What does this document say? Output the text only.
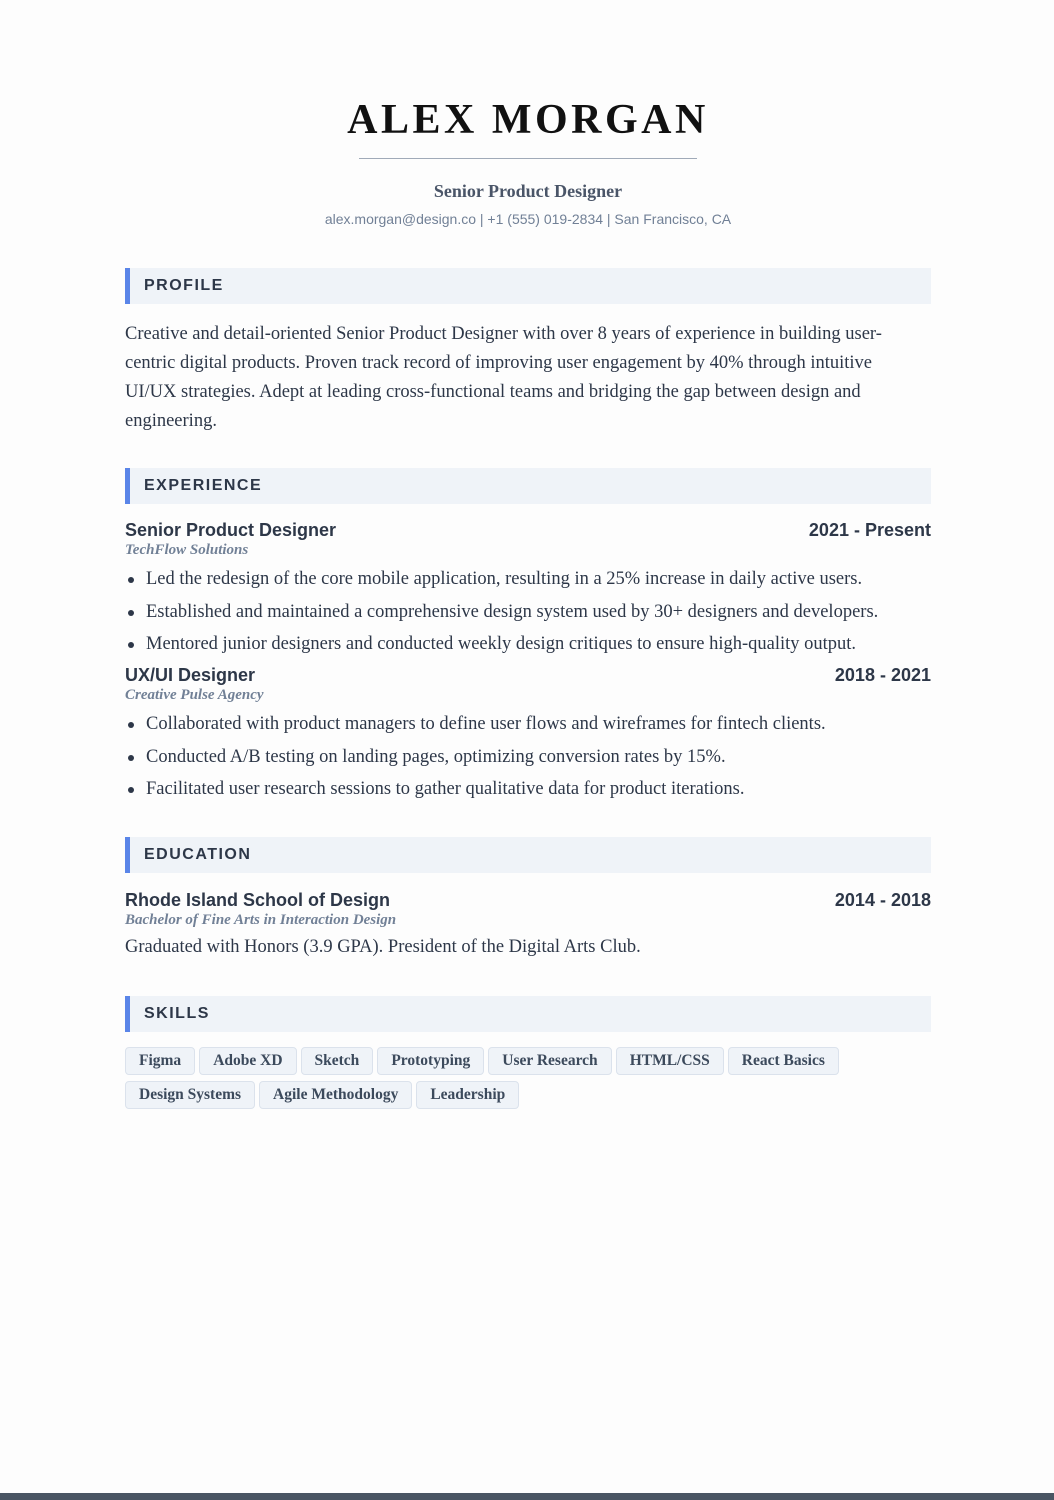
ALEX MORGAN
Senior Product Designer
alex.morgan@design.co | +1 (555) 019-2834 | San Francisco, CA
PROFILE
Creative and detail-oriented Senior Product Designer with over 8 years of experience in building user-
centric digital products. Proven track record of improving user engagement by 40% through intuitive
UI/UX strategies. Adept at leading cross-functional teams and bridging the gap between design and
engineering.
EXPERIENCE
Senior Product Designer	2021 - Present
TechFlow Solutions
Led the redesign of the core mobile application, resulting in a 25% increase in daily active users.
Established and maintained a comprehensive design system used by 30+ designers and developers.
Mentored junior designers and conducted weekly design critiques to ensure high-quality output.
UX/UI Designer	2018 - 2021
Creative Pulse Agency
Collaborated with product managers to define user flows and wireframes for fintech clients.
Conducted A/B testing on landing pages, optimizing conversion rates by 15%.
Facilitated user research sessions to gather qualitative data for product iterations.
EDUCATION
Rhode Island School of Design	2014 - 2018
Bachelor of Fine Arts in Interaction Design
Graduated with Honors (3.9 GPA). President of the Digital Arts Club.
SKILLS
Figma Adobe XD Sketch Prototyping User Research HTML/CSS React Basics
Design Systems Agile Methodology Leadership
